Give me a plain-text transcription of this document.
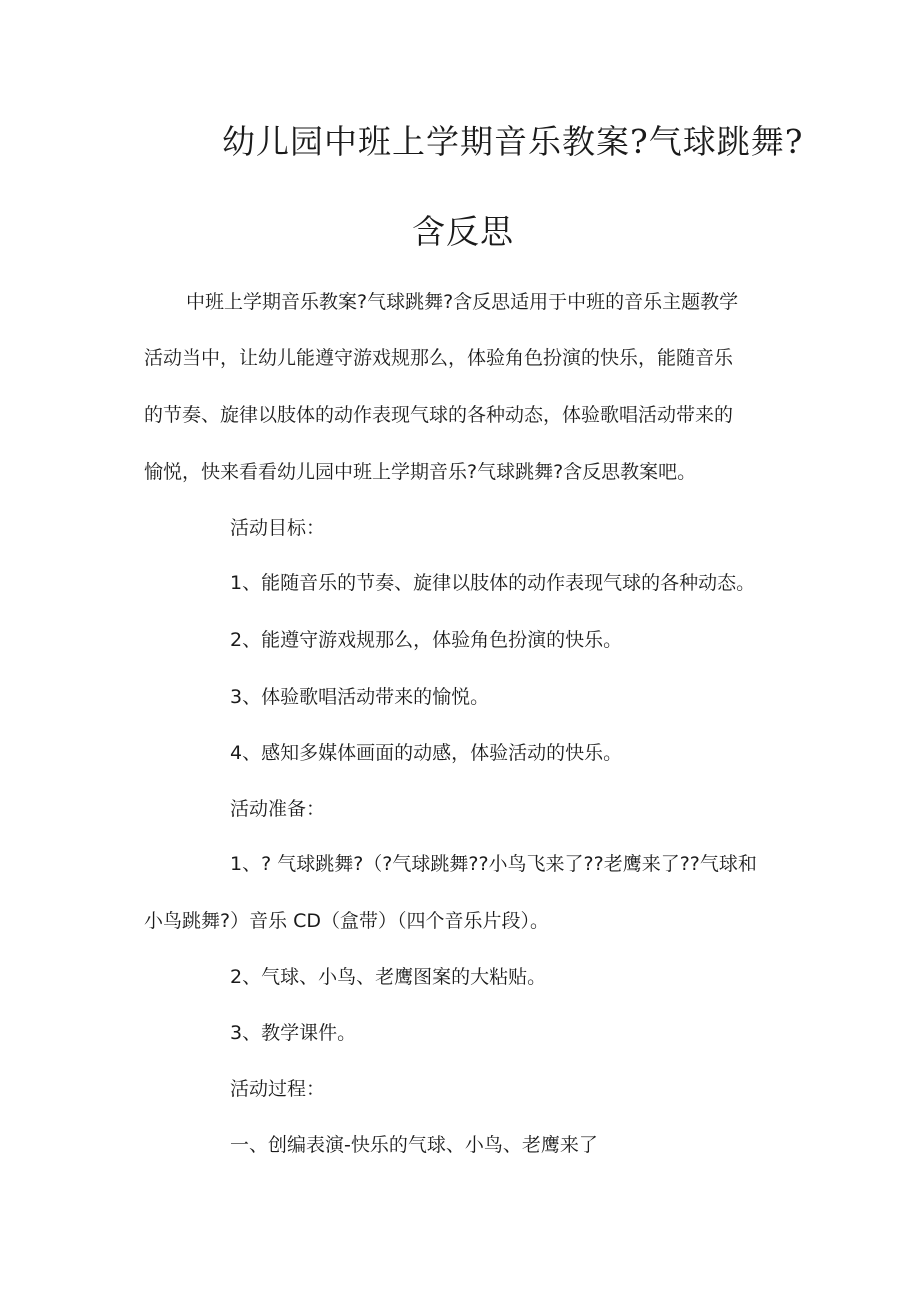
幼儿园中班上学期音乐教案?气球跳舞?
含反思
中班上学期音乐教案?气球跳舞?含反思适用于中班的音乐主题教学
活动当中，让幼儿能遵守游戏规那么，体验角色扮演的快乐，能随音乐
的节奏、旋律以肢体的动作表现气球的各种动态，体验歌唱活动带来的
愉悦，快来看看幼儿园中班上学期音乐?气球跳舞?含反思教案吧。
活动目标：
1、能随音乐的节奏、旋律以肢体的动作表现气球的各种动态。
2、能遵守游戏规那么，体验角色扮演的快乐。
3、体验歌唱活动带来的愉悦。
4、感知多媒体画面的动感，体验活动的快乐。
活动准备：
1、? 气球跳舞?（?气球跳舞??小鸟飞来了??老鹰来了??气球和
小鸟跳舞?）音乐 CD（盒带）（四个音乐片段）。
2、气球、小鸟、老鹰图案的大粘贴。
3、教学课件。
活动过程：
一、创编表演-快乐的气球、小鸟、老鹰来了
